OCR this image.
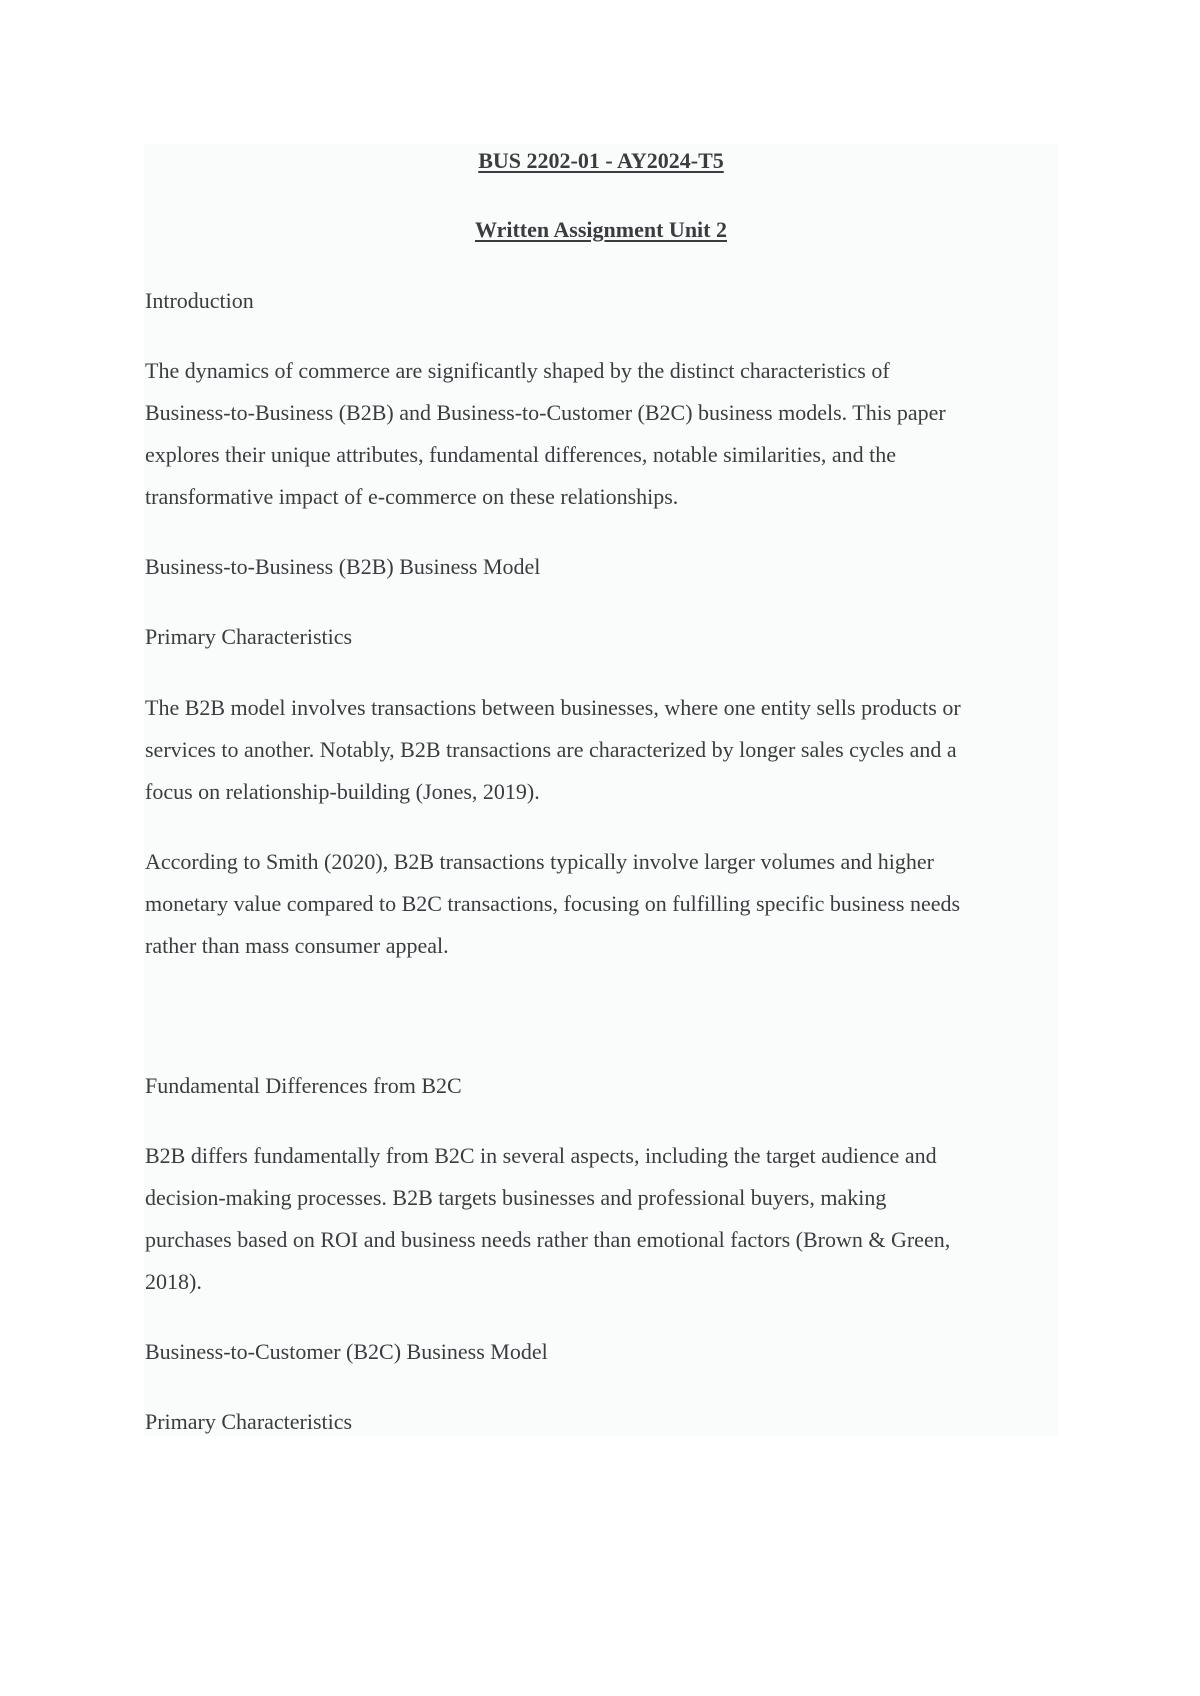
BUS 2202-01 - AY2024-T5
Written Assignment Unit 2
Introduction
The dynamics of commerce are significantly shaped by the distinct characteristics of
Business-to-Business (B2B) and Business-to-Customer (B2C) business models. This paper
explores their unique attributes, fundamental differences, notable similarities, and the
transformative impact of e-commerce on these relationships.
Business-to-Business (B2B) Business Model
Primary Characteristics
The B2B model involves transactions between businesses, where one entity sells products or
services to another. Notably, B2B transactions are characterized by longer sales cycles and a
focus on relationship-building (Jones, 2019).
According to Smith (2020), B2B transactions typically involve larger volumes and higher
monetary value compared to B2C transactions, focusing on fulfilling specific business needs
rather than mass consumer appeal.
Fundamental Differences from B2C
B2B differs fundamentally from B2C in several aspects, including the target audience and
decision-making processes. B2B targets businesses and professional buyers, making
purchases based on ROI and business needs rather than emotional factors (Brown & Green,
2018).
Business-to-Customer (B2C) Business Model
Primary Characteristics
